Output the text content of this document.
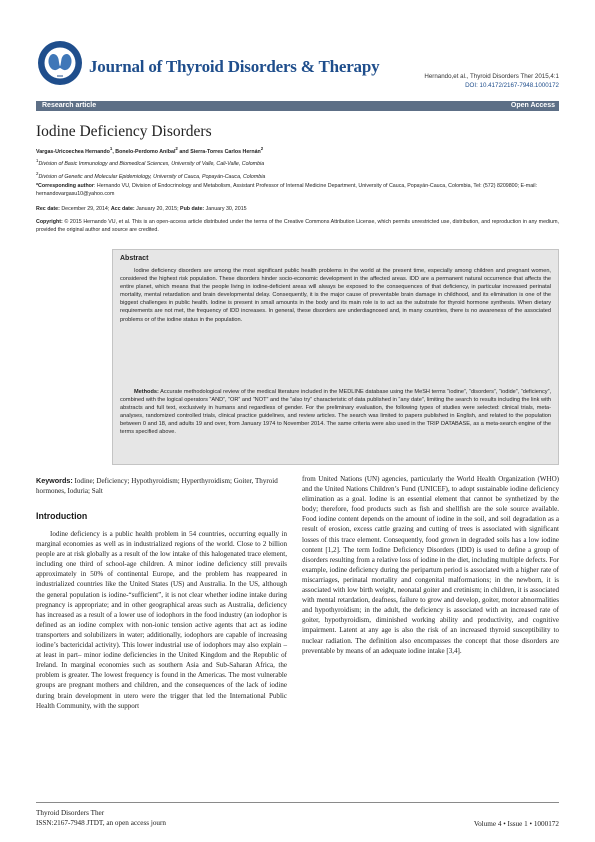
Journal of Thyroid Disorders & Therapy
Hernando,et al., Thyroid Disorders Ther 2015,4:1
DOI: 10.4172/2167-7948.1000172
Research article	Open Access
Iodine Deficiency Disorders
Vargas-Uricoechea Hernando$^1$, Bonelo-Perdomo Aníbal$^2$ and Sierra-Torres Carlos Hernán$^2$
$^1$Division of Basic Immunology and Biomedical Sciences, University of Valle, Cali-Valle, Colombia
$^2$Division of Genetic and Molecular Epidemiology, University of Cauca, Popayán-Cauca, Colombia
*Corresponding author: Hernando VU, Division of Endocrinology and Metabolism, Assistant Professor of Internal Medicine Department, University of Cauca, Popayán-Cauca, Colombia, Tel: (572) 8209800; E-mail: hernandovargasu10@yahoo.com
Rec date: December 29, 2014; Acc date: January 20, 2015; Pub date: January 30, 2015
Copyright: © 2015 Hernando VU, et al. This is an open-access article distributed under the terms of the Creative Commons Attribution License, which permits unrestricted use, distribution, and reproduction in any medium, provided the original author and source are credited.
Abstract
Iodine deficiency disorders are among the most significant public health problems in the world at the present time, especially among children and pregnant women, considered the highest risk population. These disorders hinder socio-economic development in the affected areas. IDD are a permanent natural occurrence that affects the entire planet, which means that the people living in iodine-deficient areas will always be exposed to the consequences of that deficiency, in particular increased perinatal mortality, mental retardation and brain developmental delay. Consequently, it is the major cause of preventable brain damage in childhood, and its elimination is one of the biggest challenges in public health. Iodine is present in small amounts in the body and its main role is to act as the substrate for thyroid hormone synthesis. When dietary requirements are not met, the frequency of IDD increases. In general, these disorders are underdiagnosed and, in many countries, there is no awareness of the associated problems or of the iodine status in the population.
Methods: Accurate methodological review of the medical literature included in the MEDLINE database using the MeSH terms “iodine”, “disorders”, “iodide”, “deficiency”, combined with the logical operators “AND”, “OR” and “NOT” and the “also try” characteristic of data published in “any date”, limiting the search to results including the link with abstracts and full text, exclusively in humans and regardless of gender. For the preliminary evaluation, the following types of studies were selected: clinical trials, meta-analyses, randomized controlled trials, clinical practice guidelines, and review articles. The search was limited to papers published in English, and related to the population between 0 and 18, and adults 19 and over, from January 1974 to November 2014. The same criteria were also used in the TRIP DATABASE, as a meta-search engine of the terms specified above.
Keywords: Iodine; Deficiency; Hypothyroidism; Hyperthyroidism; Goiter, Thyroid hormones, Ioduria; Salt
Introduction

Iodine deficiency is a public health problem in 54 countries, occurring equally in marginal economies as well as in industrialized regions of the world. Close to 2 billion people are at risk globally as a result of the low intake of this halogenated trace element, including one third of school-age children. A minor iodine deficiency still prevails approximately in 50% of continental Europe, and the problem has reappeared in industrialized countries like the United States (US) and Australia. In the US, although the general population is iodine-“sufficient”, it is not clear whether iodine intake during pregnancy is appropriate; and in other geographical areas such as Australia, deficiency has increased as a result of a lower use of iodophors in the food industry (an iodophor is defined as an iodine complex with non-ionic tension active agents that act as iodine transporters and solubilizers in water; additionally, iodophors are capable of increasing iodine’s bactericidal activity). This lower industrial use of iodophors may also explain –at least in part– minor iodine deficiencies in the United Kingdom and the Republic of Ireland. In marginal economies such as southern Asia and Sub-Saharan Africa, the problem is greater. The lowest frequency is found in the Americas. The most vulnerable groups are pregnant mothers and children, and the consequences of the lack of iodine during brain development in utero were the trigger that led the International Public Health Community, with the support

from United Nations (UN) agencies, particularly the World Health Organization (WHO) and the United Nations Children’s Fund (UNICEF), to adopt sustainable iodine deficiency elimination as a goal. Iodine is an essential element that cannot be synthetized by the body; therefore, food products such as fish and shellfish are the sole source available. Food iodine content depends on the amount of iodine in the soil, and soil degradation as a result of erosion, excess cattle grazing and cutting of trees is associated with significant losses of this trace element. Consequently, food grown in degraded soils has a low iodine content [1,2]. The term Iodine Deficiency Disorders (IDD) is used to define a group of disorders resulting from a relative loss of iodine in the diet, including multiple defects. For example, iodine deficiency during the peripartum period is associated with a higher rate of miscarriages, perinatal mortality and congenital malformations; in the newborn, it is associated with low birth weight, neonatal goiter and cretinism; in children, it is associated with mental retardation, deafness, failure to grow and develop, goiter, motor abnormalities and hypothyroidism; in the adult, the deficiency is associated with an increased rate of goiter, hypothyroidism, diminished working ability and productivity, and cognitive impairment. Latent at any age is also the risk of an increased thyroid susceptibility to nuclear radiation. The definition also encompasses the concept that those disorders are preventable by means of an adequate iodine intake [3,4].

Thyroid Disorders Ther
ISSN:2167-7948 JTDT, an open access journ	Volume 4 • Issue 1 • 1000172
